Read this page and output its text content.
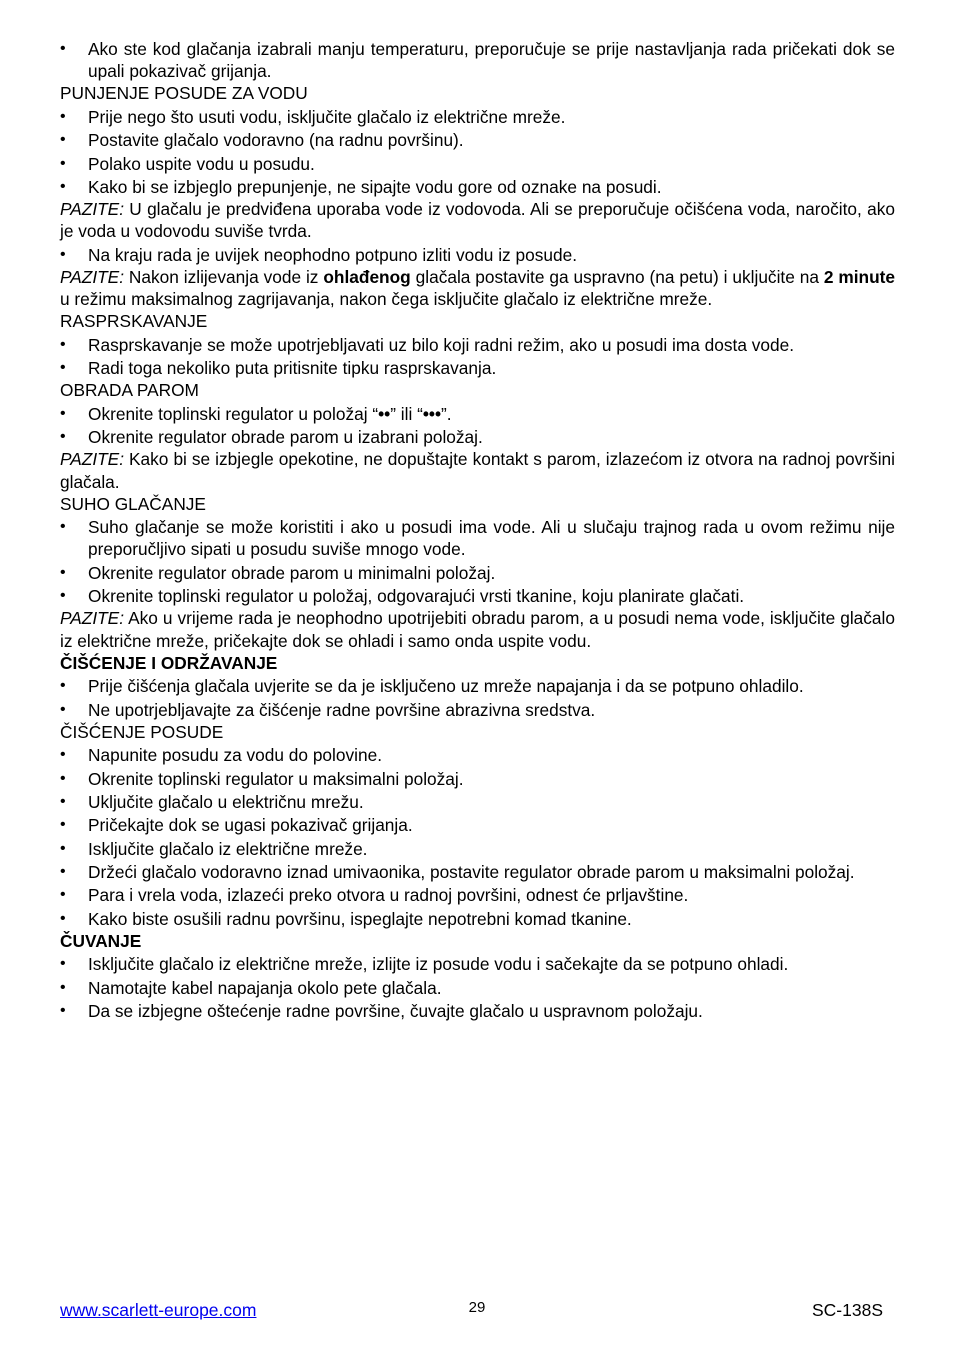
• Ako ste kod glačanja izabrali manju temperaturu, preporučuje se prije nastavljanja rada pričekati dok se upali pokazivač grijanja.
PUNJENJE POSUDE ZA VODU
• Prije nego što usuti vodu, isključite glačalo iz električne mreže.
• Postavite glačalo vodoravno (na radnu površinu).
• Polako uspite vodu u posudu.
• Kako bi se izbjeglo prepunjenje, ne sipajte vodu gore od oznake na posudi.
PAZITE: U glačalu je predviđena uporaba vode iz vodovoda. Ali se preporučuje očišćena voda, naročito, ako je voda u vodovodu suviše tvrda.
• Na kraju rada je uvijek neophodno potpuno izliti vodu iz posude.
PAZITE: Nakon izlijevanja vode iz ohlađenog glačala postavite ga uspravno (na petu) i uključite na 2 minute u režimu maksimalnog zagrijavanja, nakon čega isključite glačalo iz električne mreže.
RASPRSKAVANJE
• Rasprskavanje se može upotrjebljavati uz bilo koji radni režim, ako u posudi ima dosta vode.
• Radi toga nekoliko puta pritisnite tipku rasprskavanja.
OBRADA PAROM
• Okrenite toplinski regulator u položaj “••” ili “•••”.
• Okrenite regulator obrade parom u izabrani položaj.
PAZITE: Kako bi se izbjegle opekotine, ne dopuštajte kontakt s parom, izlazećom iz otvora na radnoj površini glačala.
SUHO GLAČANJE
• Suho glačanje se može koristiti i ako u posudi ima vode. Ali u slučaju trajnog rada u ovom režimu nije preporučljivo sipati u posudu suviše mnogo vode.
• Okrenite regulator obrade parom u minimalni položaj.
• Okrenite toplinski regulator u položaj, odgovarajući vrsti tkanine, koju planirate glačati.
PAZITE: Ako u vrijeme rada je neophodno upotrijebiti obradu parom, a u posudi nema vode, isključite glačalo iz električne mreže, pričekajte dok se ohladi i samo onda uspite vodu.
ČIŠĆENJE I ODRŽAVANJE
• Prije čišćenja glačala uvjerite se da je isključeno uz mreže napajanja i da se potpuno ohladilo.
• Ne upotrjebljavajte za čišćenje radne površine abrazivna sredstva.
ČIŠĆENJE POSUDE
• Napunite posudu za vodu do polovine.
• Okrenite toplinski regulator u maksimalni položaj.
• Uključite glačalo u električnu mrežu.
• Pričekajte dok se ugasi pokazivač grijanja.
• Isključite glačalo iz električne mreže.
• Držeći glačalo vodoravno iznad umivaonika, postavite regulator obrade parom u maksimalni položaj.
• Para i vrela voda, izlazeći preko otvora u radnoj površini, odnest će prljavštine.
• Kako biste osušili radnu površinu, ispeglajte nepotrebni komad tkanine.
ČUVANJE
• Isključite glačalo iz električne mreže, izlijte iz posude vodu i sačekajte da se potpuno ohladi.
• Namotajte kabel napajanja okolo pete glačala.
• Da se izbjegne oštećenje radne površine, čuvajte glačalo u uspravnom položaju.
www.scarlett-europe.com	29	SC-138S
